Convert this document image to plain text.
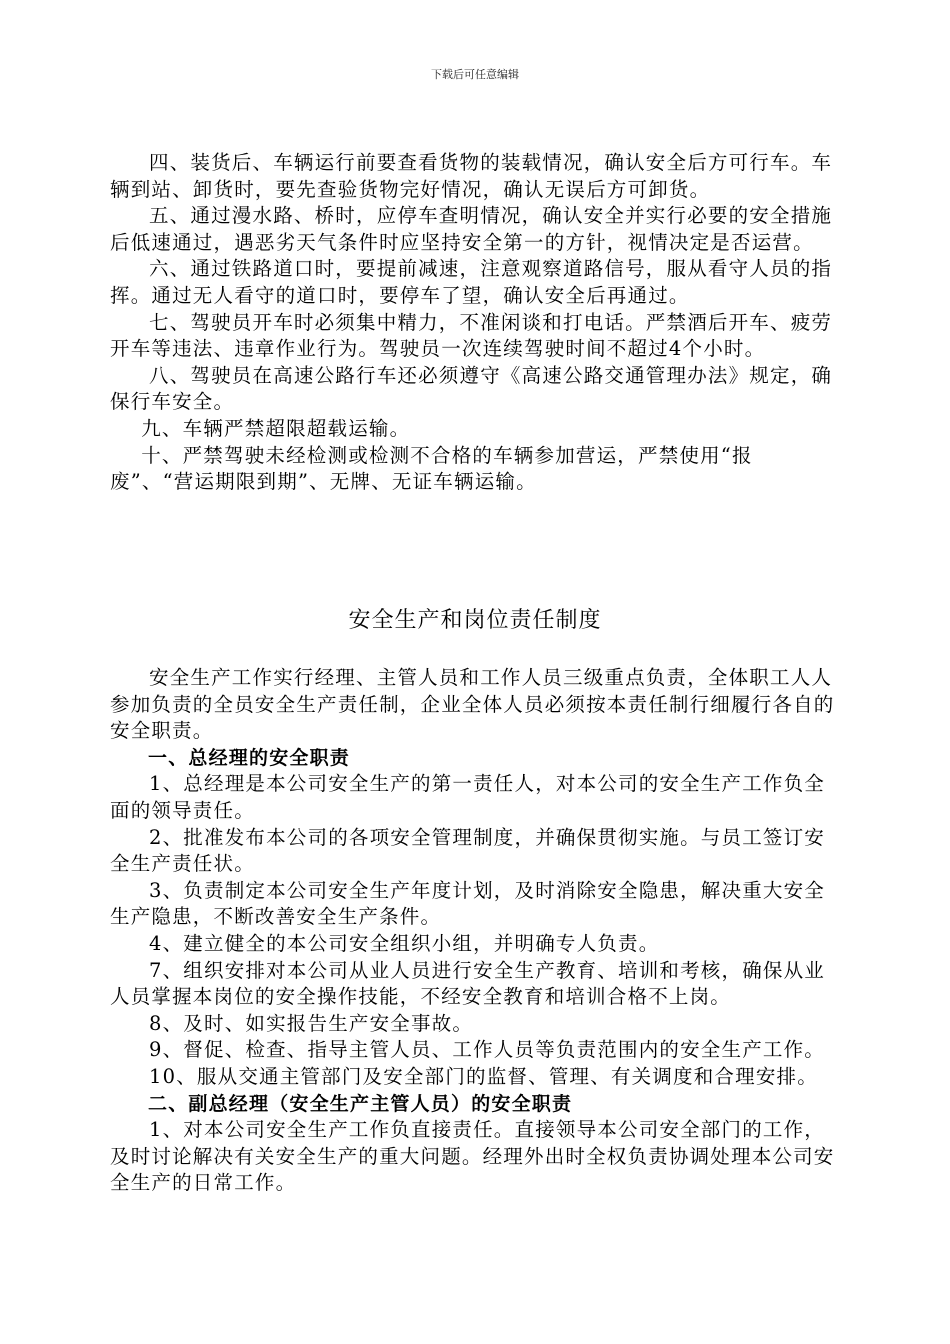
下载后可任意编辑

四、装货后、车辆运行前要查看货物的装载情况，确认安全后方可行车。车辆到站、卸货时，要先查验货物完好情况，确认无误后方可卸货。

五、通过漫水路、桥时，应停车查明情况，确认安全并实行必要的安全措施后低速通过，遇恶劣天气条件时应坚持安全第一的方针，视情决定是否运营。

六、通过铁路道口时，要提前减速，注意观察道路信号，服从看守人员的指挥。通过无人看守的道口时，要停车了望，确认安全后再通过。

七、驾驶员开车时必须集中精力，不准闲谈和打电话。严禁酒后开车、疲劳开车等违法、违章作业行为。驾驶员一次连续驾驶时间不超过4个小时。

八、驾驶员在高速公路行车还必须遵守《高速公路交通管理办法》规定，确保行车安全。

九、车辆严禁超限超载运输。

十、严禁驾驶未经检测或检测不合格的车辆参加营运，严禁使用“报废”、“营运期限到期”、无牌、无证车辆运输。

安全生产和岗位责任制度

安全生产工作实行经理、主管人员和工作人员三级重点负责，全体职工人人参加负责的全员安全生产责任制，企业全体人员必须按本责任制行细履行各自的安全职责。

一、总经理的安全职责

1、总经理是本公司安全生产的第一责任人，对本公司的安全生产工作负全面的领导责任。

2、批准发布本公司的各项安全管理制度，并确保贯彻实施。与员工签订安全生产责任状。

3、负责制定本公司安全生产年度计划，及时消除安全隐患，解决重大安全生产隐患，不断改善安全生产条件。

4、建立健全的本公司安全组织小组，并明确专人负责。

7、组织安排对本公司从业人员进行安全生产教育、培训和考核，确保从业人员掌握本岗位的安全操作技能，不经安全教育和培训合格不上岗。

8、及时、如实报告生产安全事故。

9、督促、检查、指导主管人员、工作人员等负责范围内的安全生产工作。

10、服从交通主管部门及安全部门的监督、管理、有关调度和合理安排。

二、副总经理（安全生产主管人员）的安全职责

1、对本公司安全生产工作负直接责任。直接领导本公司安全部门的工作，及时讨论解决有关安全生产的重大问题。经理外出时全权负责协调处理本公司安全生产的日常工作。
